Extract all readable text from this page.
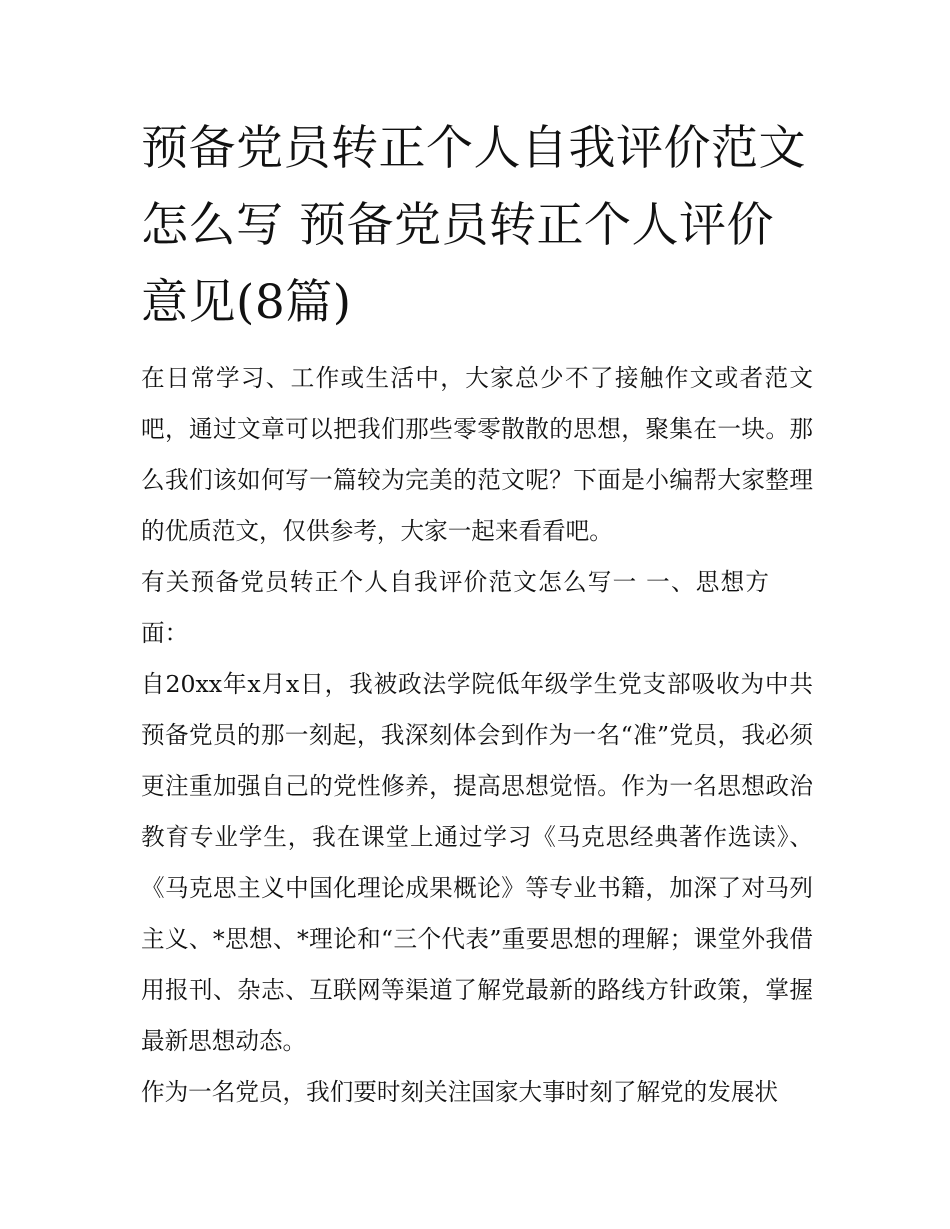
预备党员转正个人自我评价范文怎么写 预备党员转正个人评价意见(8篇)

在日常学习、工作或生活中，大家总少不了接触作文或者范文吧，通过文章可以把我们那些零零散散的思想，聚集在一块。那么我们该如何写一篇较为完美的范文呢？下面是小编帮大家整理的优质范文，仅供参考，大家一起来看看吧。

有关预备党员转正个人自我评价范文怎么写一 一、思想方面：

自20xx年x月x日，我被政法学院低年级学生党支部吸收为中共预备党员的那一刻起，我深刻体会到作为一名“准”党员，我必须更注重加强自己的党性修养，提高思想觉悟。作为一名思想政治教育专业学生，我在课堂上通过学习《马克思经典著作选读》、《马克思主义中国化理论成果概论》等专业书籍，加深了对马列主义、*思想、*理论和“三个代表”重要思想的理解；课堂外我借用报刊、杂志、互联网等渠道了解党最新的路线方针政策，掌握最新思想动态。

作为一名党员，我们要时刻关注国家大事时刻了解党的发展状
